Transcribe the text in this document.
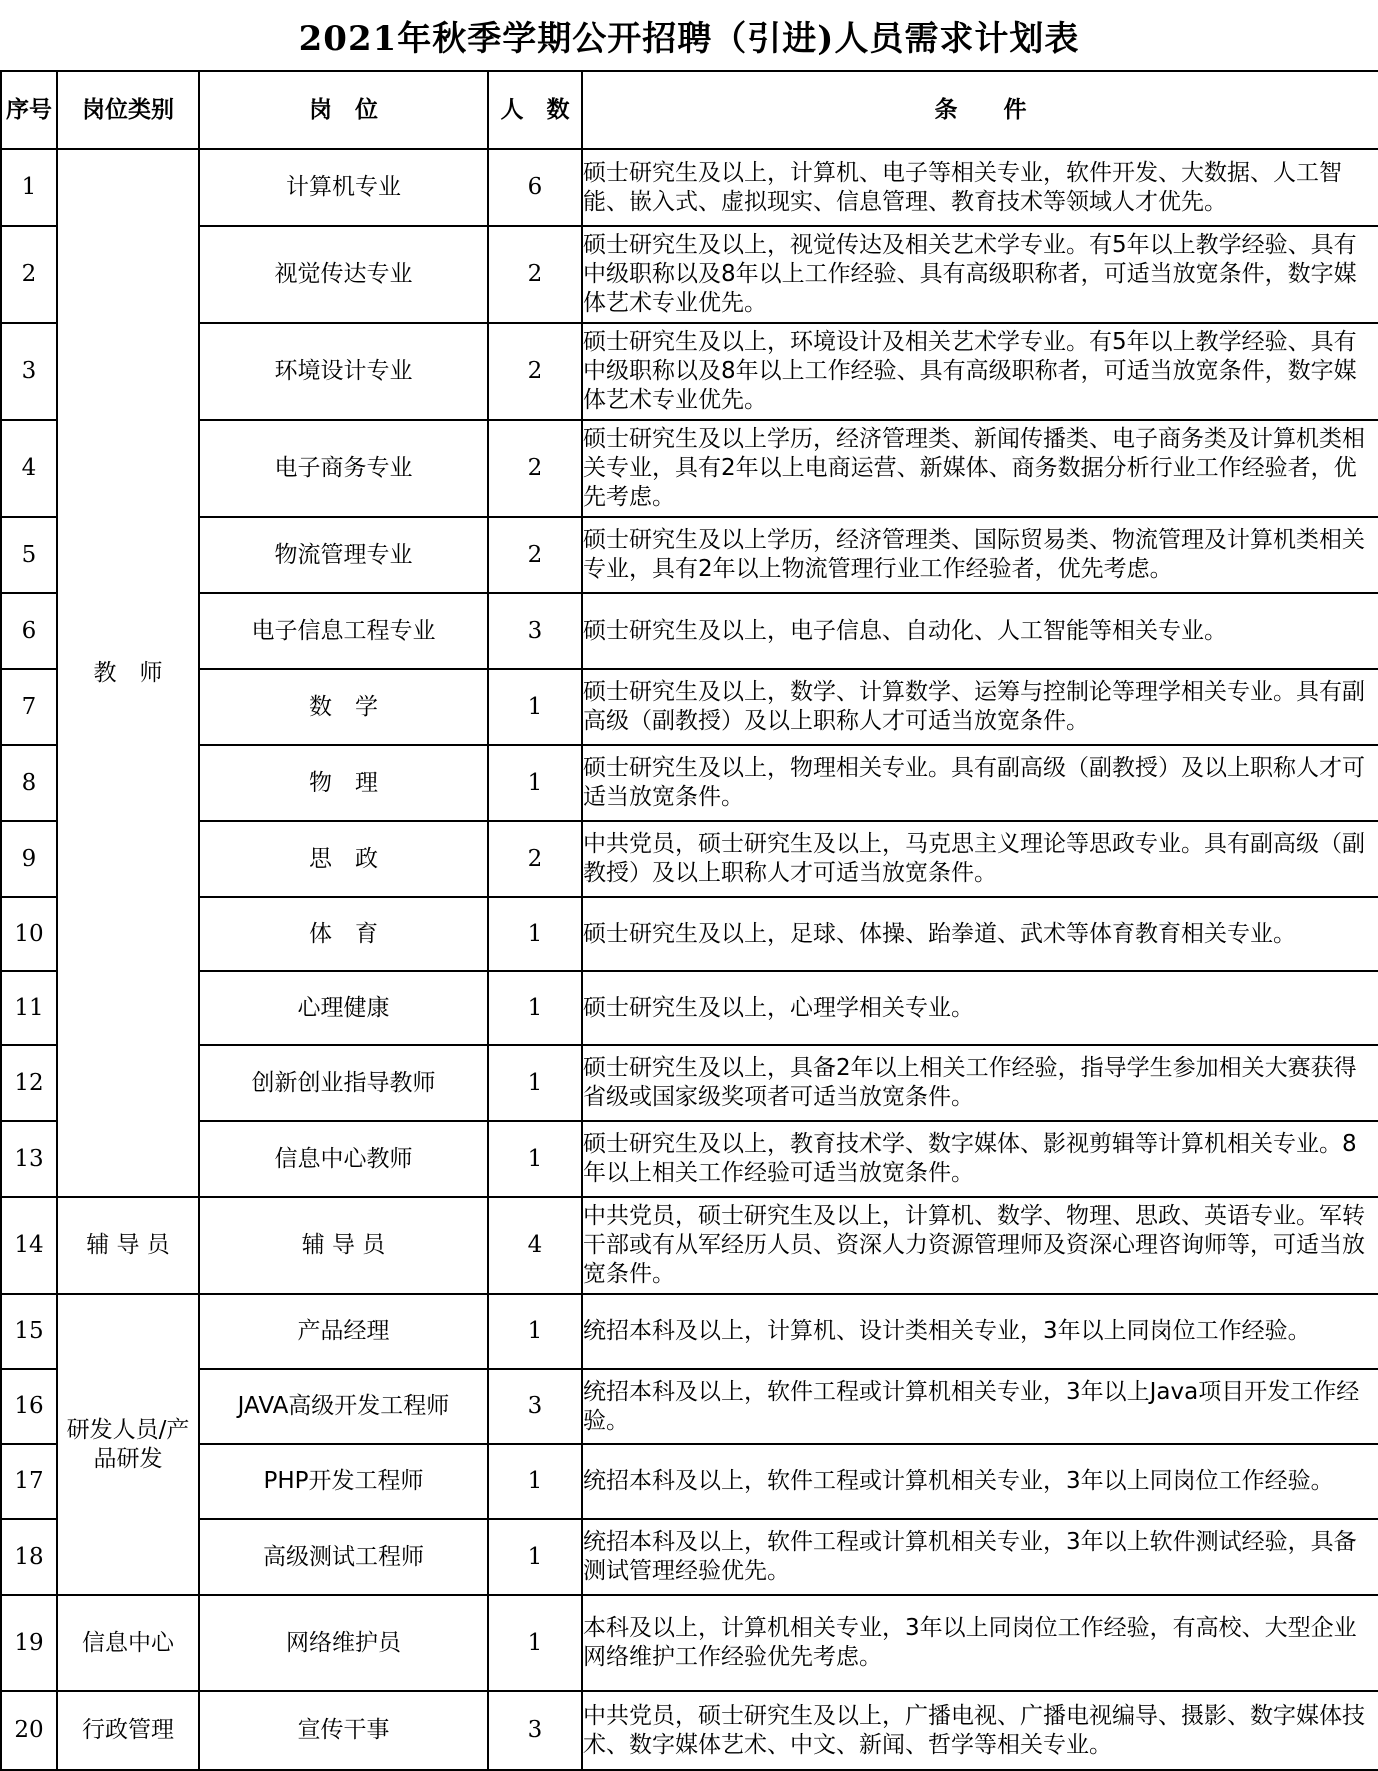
2021年秋季学期公开招聘（引进)人员需求计划表
序号	岗位类别	岗　位	人　数	条　　件
1	教　师	计算机专业	6	硕士研究生及以上，计算机、电子等相关专业，软件开发、大数据、人工智能、嵌入式、虚拟现实、信息管理、教育技术等领域人才优先。
2		视觉传达专业	2	硕士研究生及以上，视觉传达及相关艺术学专业。有5年以上教学经验、具有中级职称以及8年以上工作经验、具有高级职称者，可适当放宽条件，数字媒体艺术专业优先。
3		环境设计专业	2	硕士研究生及以上，环境设计及相关艺术学专业。有5年以上教学经验、具有中级职称以及8年以上工作经验、具有高级职称者，可适当放宽条件，数字媒体艺术专业优先。
4		电子商务专业	2	硕士研究生及以上学历，经济管理类、新闻传播类、电子商务类及计算机类相关专业，具有2年以上电商运营、新媒体、商务数据分析行业工作经验者，优先考虑。
5		物流管理专业	2	硕士研究生及以上学历，经济管理类、国际贸易类、物流管理及计算机类相关专业，具有2年以上物流管理行业工作经验者，优先考虑。
6		电子信息工程专业	3	硕士研究生及以上，电子信息、自动化、人工智能等相关专业。
7		数　学	1	硕士研究生及以上，数学、计算数学、运筹与控制论等理学相关专业。具有副高级（副教授）及以上职称人才可适当放宽条件。
8		物　理	1	硕士研究生及以上，物理相关专业。具有副高级（副教授）及以上职称人才可适当放宽条件。
9		思　政	2	中共党员，硕士研究生及以上，马克思主义理论等思政专业。具有副高级（副教授）及以上职称人才可适当放宽条件。
10		体　育	1	硕士研究生及以上，足球、体操、跆拳道、武术等体育教育相关专业。
11		心理健康	1	硕士研究生及以上，心理学相关专业。
12		创新创业指导教师	1	硕士研究生及以上，具备2年以上相关工作经验，指导学生参加相关大赛获得省级或国家级奖项者可适当放宽条件。
13		信息中心教师	1	硕士研究生及以上，教育技术学、数字媒体、影视剪辑等计算机相关专业。8年以上相关工作经验可适当放宽条件。
14	辅 导 员	辅 导 员	4	中共党员，硕士研究生及以上，计算机、数学、物理、思政、英语专业。军转干部或有从军经历人员、资深人力资源管理师及资深心理咨询师等，可适当放宽条件。
15	研发人员/产品研发	产品经理	1	统招本科及以上，计算机、设计类相关专业，3年以上同岗位工作经验。
16		JAVA高级开发工程师	3	统招本科及以上，软件工程或计算机相关专业，3年以上Java项目开发工作经验。
17		PHP开发工程师	1	统招本科及以上，软件工程或计算机相关专业，3年以上同岗位工作经验。
18		高级测试工程师	1	统招本科及以上，软件工程或计算机相关专业，3年以上软件测试经验，具备测试管理经验优先。
19	信息中心	网络维护员	1	本科及以上，计算机相关专业，3年以上同岗位工作经验，有高校、大型企业网络维护工作经验优先考虑。
20	行政管理	宣传干事	3	中共党员，硕士研究生及以上，广播电视、广播电视编导、摄影、数字媒体技术、数字媒体艺术、中文、新闻、哲学等相关专业。
